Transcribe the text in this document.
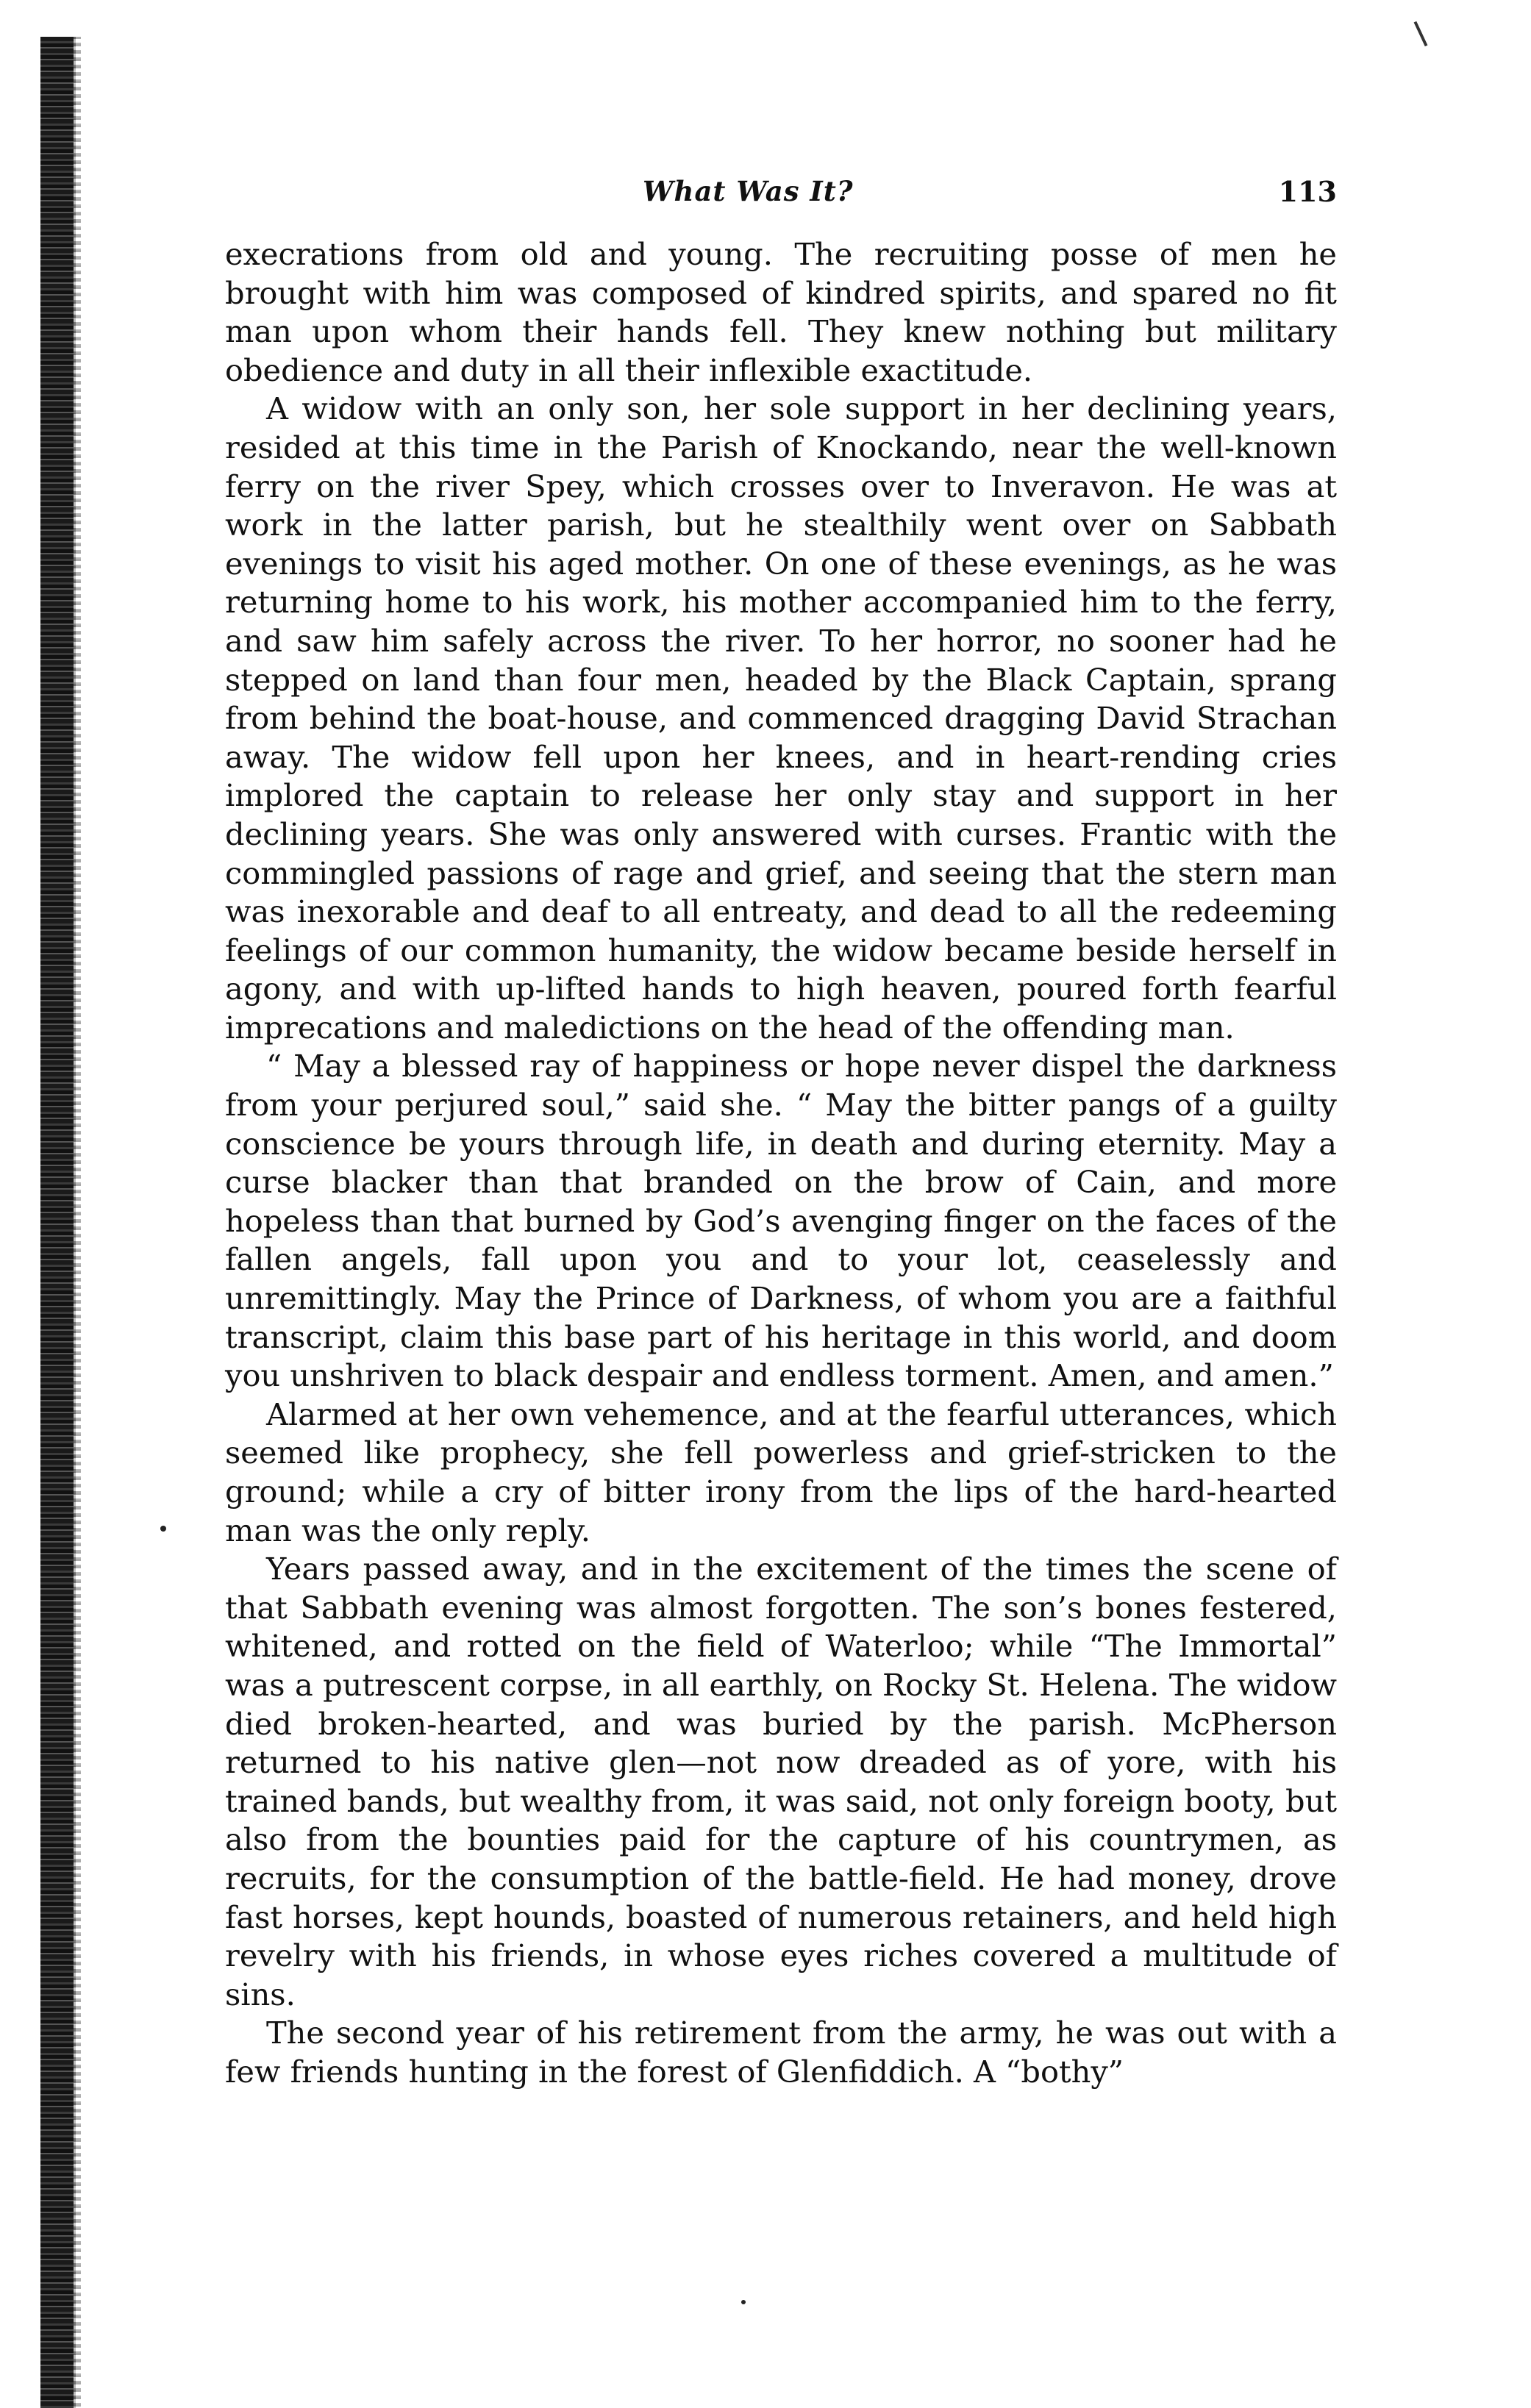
What Was It?	113

execrations from old and young. The recruiting posse of men he brought with him was composed of kindred spirits, and spared no fit man upon whom their hands fell. They knew nothing but military obedience and duty in all their inflexible exactitude.

A widow with an only son, her sole support in her declining years, resided at this time in the Parish of Knockando, near the well-known ferry on the river Spey, which crosses over to Inveravon. He was at work in the latter parish, but he stealthily went over on Sabbath evenings to visit his aged mother. On one of these evenings, as he was returning home to his work, his mother accompanied him to the ferry, and saw him safely across the river. To her horror, no sooner had he stepped on land than four men, headed by the Black Captain, sprang from behind the boat-house, and commenced dragging David Strachan away. The widow fell upon her knees, and in heart-rending cries implored the captain to release her only stay and support in her declining years. She was only answered with curses. Frantic with the commingled passions of rage and grief, and seeing that the stern man was inexorable and deaf to all entreaty, and dead to all the redeeming feelings of our common humanity, the widow became beside herself in agony, and with up-lifted hands to high heaven, poured forth fearful imprecations and maledictions on the head of the offending man.

“ May a blessed ray of happiness or hope never dispel the darkness from your perjured soul,” said she. “ May the bitter pangs of a guilty conscience be yours through life, in death and during eternity. May a curse blacker than that branded on the brow of Cain, and more hopeless than that burned by God’s avenging finger on the faces of the fallen angels, fall upon you and to your lot, ceaselessly and unremittingly. May the Prince of Darkness, of whom you are a faithful transcript, claim this base part of his heritage in this world, and doom you unshriven to black despair and endless torment. Amen, and amen.”

Alarmed at her own vehemence, and at the fearful utterances, which seemed like prophecy, she fell powerless and grief-stricken to the ground; while a cry of bitter irony from the lips of the hard-hearted man was the only reply.

Years passed away, and in the excitement of the times the scene of that Sabbath evening was almost forgotten. The son’s bones festered, whitened, and rotted on the field of Waterloo; while “The Immortal” was a putrescent corpse, in all earthly, on Rocky St. Helena. The widow died broken-hearted, and was buried by the parish. McPherson returned to his native glen—not now dreaded as of yore, with his trained bands, but wealthy from, it was said, not only foreign booty, but also from the bounties paid for the capture of his countrymen, as recruits, for the consumption of the battle-field. He had money, drove fast horses, kept hounds, boasted of numerous retainers, and held high revelry with his friends, in whose eyes riches covered a multitude of sins.

The second year of his retirement from the army, he was out with a few friends hunting in the forest of Glenfiddich. A “bothy”
